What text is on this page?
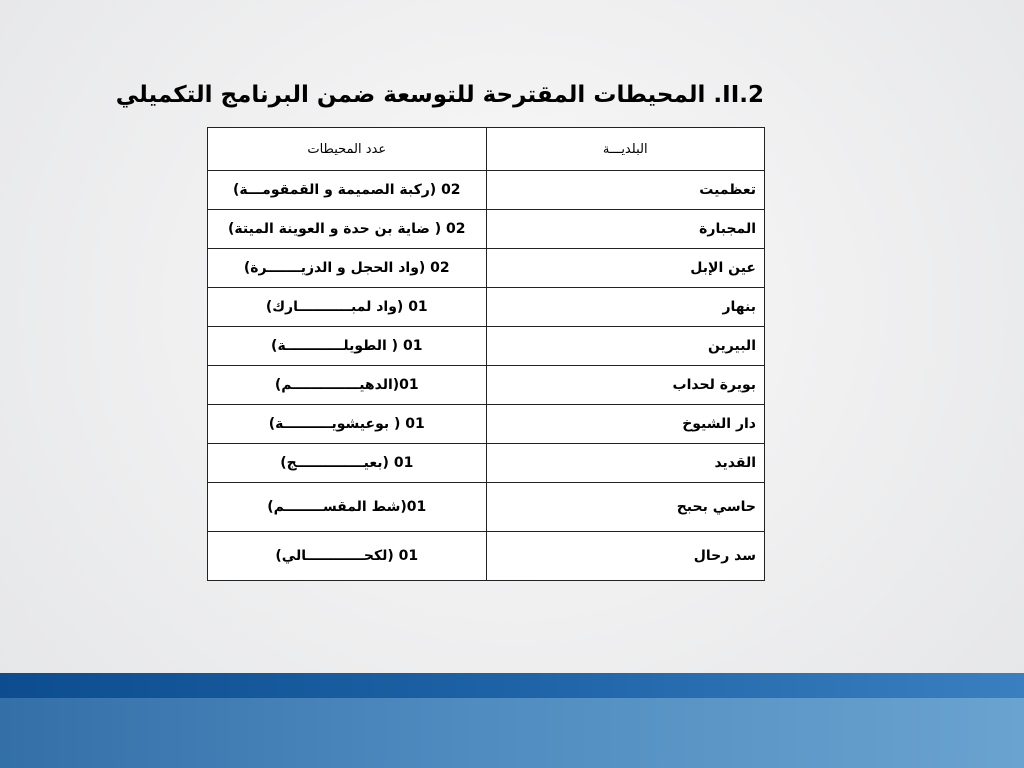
II.2. المحيطات المقترحة للتوسعة ضمن البرنامج التكميلي
البلديـــة	عدد المحيطات
تعظميت	02 (ركبة الصميمة و القمقومـــة)
المجبارة	02 ( ضاية بن حدة و العوينة الميتة)
عين الإبل	02 (واد الحجل و الدزيـــــــرة)
بنهار	01 (واد لمبـــــــــــارك)
البيرين	01 ( الطويلــــــــــــة)
بويرة لحداب	01(الدهيــــــــــــــم)
دار الشيوخ	01 ( بوعيشويــــــــــة)
القديد	01 (بعيــــــــــــــج)
حاسي بحبح	01(شط المقســــــــم)
سد رحال	01 (لكحــــــــــــالي)
